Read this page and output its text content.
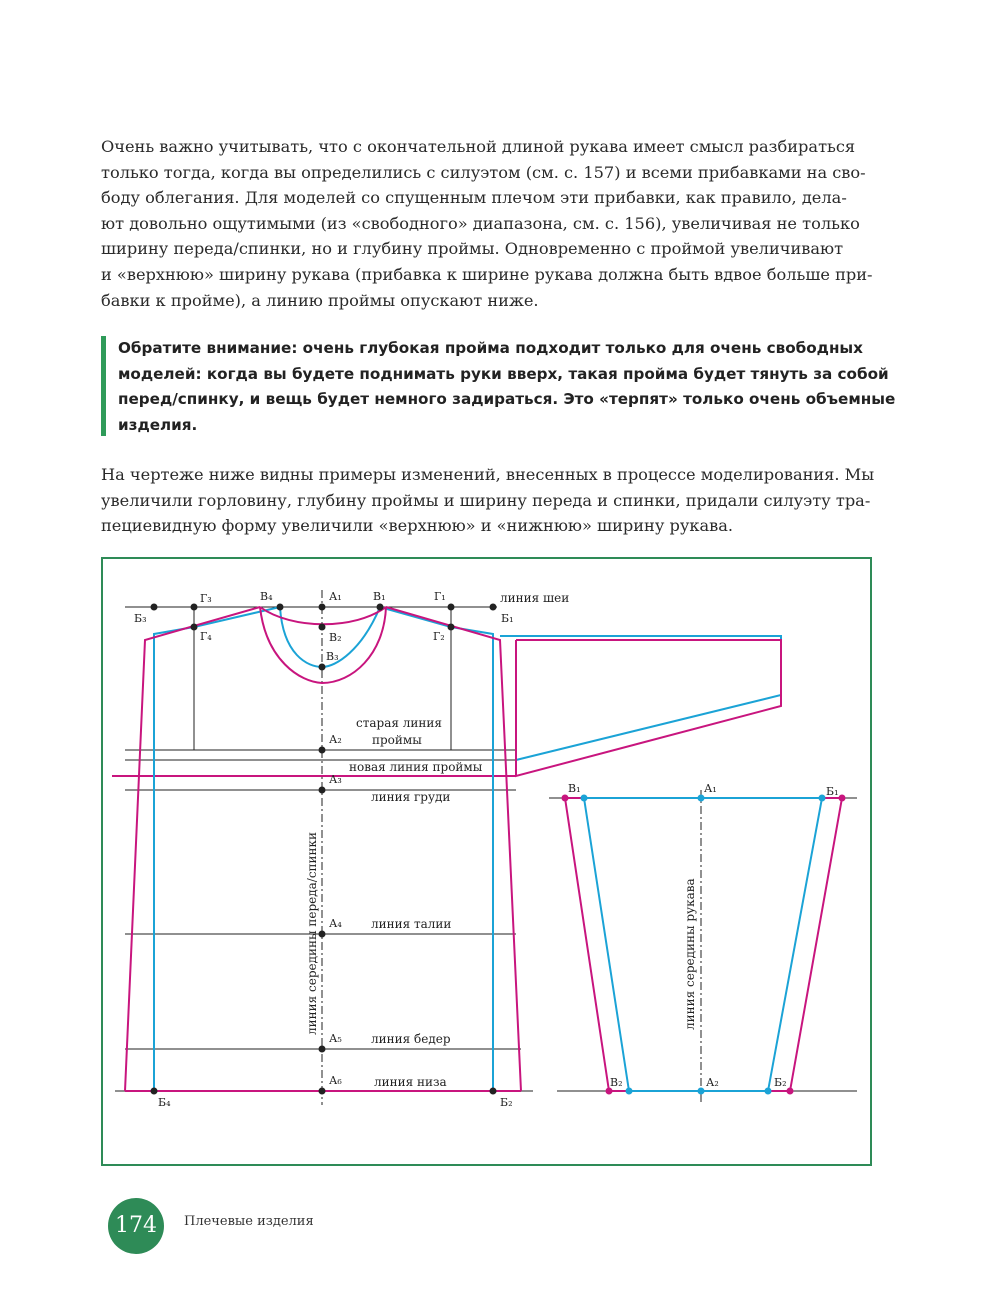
Очень важно учитывать, что с окончательной длиной рукава имеет смысл разбираться
только тогда, когда вы определились с силуэтом (см. с. 157) и всеми прибавками на сво-
боду облегания. Для моделей со спущенным плечом эти прибавки, как правило, дела-
ют довольно ощутимыми (из «свободного» диапазона, см. с. 156), увеличивая не только
ширину переда/спинки, но и глубину проймы. Одновременно с проймой увеличивают
и «верхнюю» ширину рукава (прибавка к ширине рукава должна быть вдвое больше при-
бавки к пройме), а линию проймы опускают ниже.
Обратите внимание: очень глубокая пройма подходит только для очень свободных
моделей: когда вы будете поднимать руки вверх, такая пройма будет тянуть за собой
перед/спинку, и вещь будет немного задираться. Это «терпят» только очень объемные
изделия.
На чертеже ниже видны примеры изменений, внесенных в процессе моделирования. Мы
увеличили горловину, глубину проймы и ширину переда и спинки, придали силуэту тра-
пециевидную форму увеличили «верхнюю» и «нижнюю» ширину рукава.
Г₃	В₄	А₁	В₁	Г₁
Б₃	Б₁
Г₄	В₂	Г₂
В₃
А₂
А₃
А₄
А₅
А₆
Б₄	Б₂
линия шеи
старая линия
проймы
новая линия проймы
линия груди
линия талии
линия бедер
линия низа
линия середины переда/спинки
В₁	А₁	Б₁
В₂	А₂	Б₂
линия середины рукава
174	Плечевые изделия
